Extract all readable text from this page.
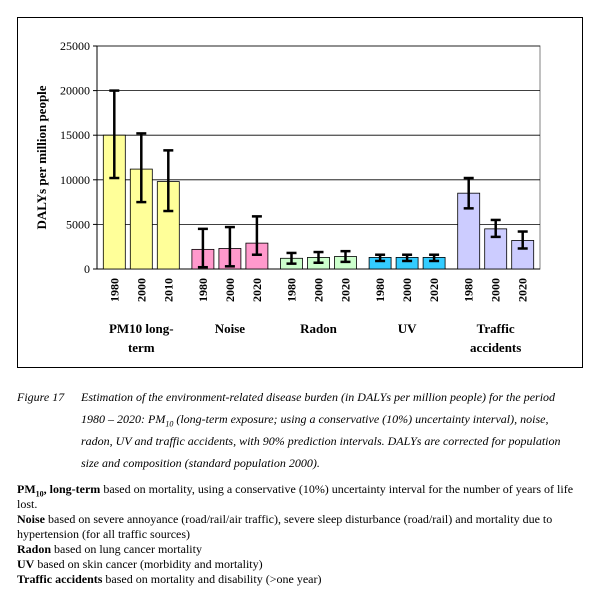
0
5000
10000
15000
20000
25000
DALYs per million people
1980 2000 2010
PM10 long-
term
1980 2000 2020
Noise
1980 2000 2020
Radon
1980 2000 2020
UV
1980 2000 2020
Traffic
accidents
Figure 17 Estimation of the environment-related disease burden (in DALYs per million people) for the period
1980 – 2020: $PM_{10}$ (long-term exposure; using a conservative (10%) uncertainty interval), noise,
radon, UV and traffic accidents, with 90% prediction intervals. DALYs are corrected for population
size and composition (standard population 2000).

$PM_{10}$, long-term based on mortality, using a conservative (10%) uncertainty interval for the number of years of life lost.

Noise based on severe annoyance (road/rail/air traffic), severe sleep disturbance (road/rail) and mortality due to hypertension (for all traffic sources)

Radon based on lung cancer mortality

UV based on skin cancer (morbidity and mortality)

Traffic accidents based on mortality and disability (>one year)
